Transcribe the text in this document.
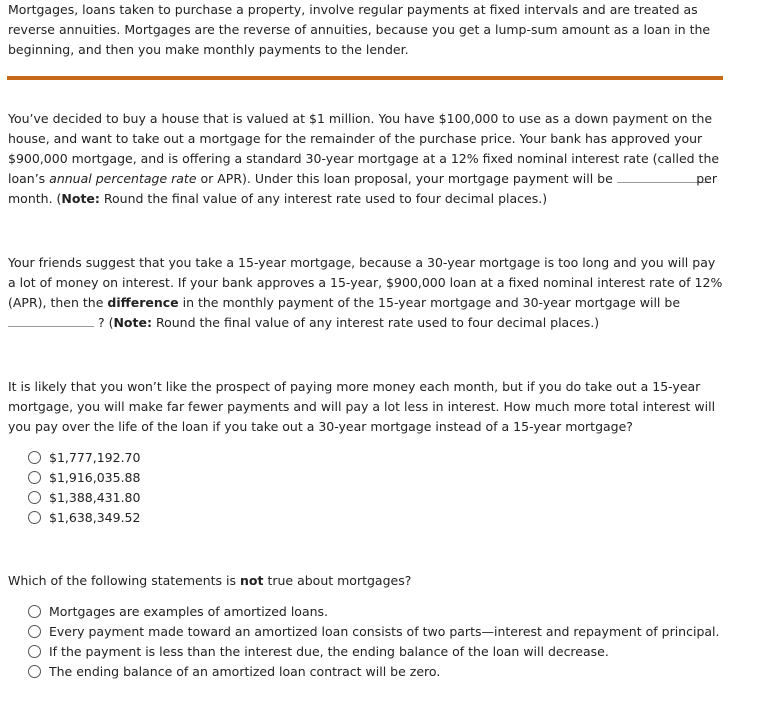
Mortgages, loans taken to purchase a property, involve regular payments at fixed intervals and are treated as reverse annuities. Mortgages are the reverse of annuities, because you get a lump-sum amount as a loan in the beginning, and then you make monthly payments to the lender.

You’ve decided to buy a house that is valued at $1 million. You have $100,000 to use as a down payment on the house, and want to take out a mortgage for the remainder of the purchase price. Your bank has approved your $900,000 mortgage, and is offering a standard 30-year mortgage at a 12% fixed nominal interest rate (called the loan’s annual percentage rate or APR). Under this loan proposal, your mortgage payment will be	per

month. (Note: Round the final value of any interest rate used to four decimal places.)

Your friends suggest that you take a 15-year mortgage, because a 30-year mortgage is too long and you will pay a lot of money on interest. If your bank approves a 15-year, $900,000 loan at a fixed nominal interest rate of 12% (APR), then the difference in the monthly payment of the 15-year mortgage and 30-year mortgage will be
? (Note: Round the final value of any interest rate used to four decimal places.)

It is likely that you won’t like the prospect of paying more money each month, but if you do take out a 15-year mortgage, you will make far fewer payments and will pay a lot less in interest. How much more total interest will you pay over the life of the loan if you take out a 30-year mortgage instead of a 15-year mortgage?

$1,777,192.70
$1,916,035.88
$1,388,431.80
$1,638,349.52

Which of the following statements is not true about mortgages?

Mortgages are examples of amortized loans.
Every payment made toward an amortized loan consists of two parts—interest and repayment of principal.
If the payment is less than the interest due, the ending balance of the loan will decrease.
The ending balance of an amortized loan contract will be zero.
